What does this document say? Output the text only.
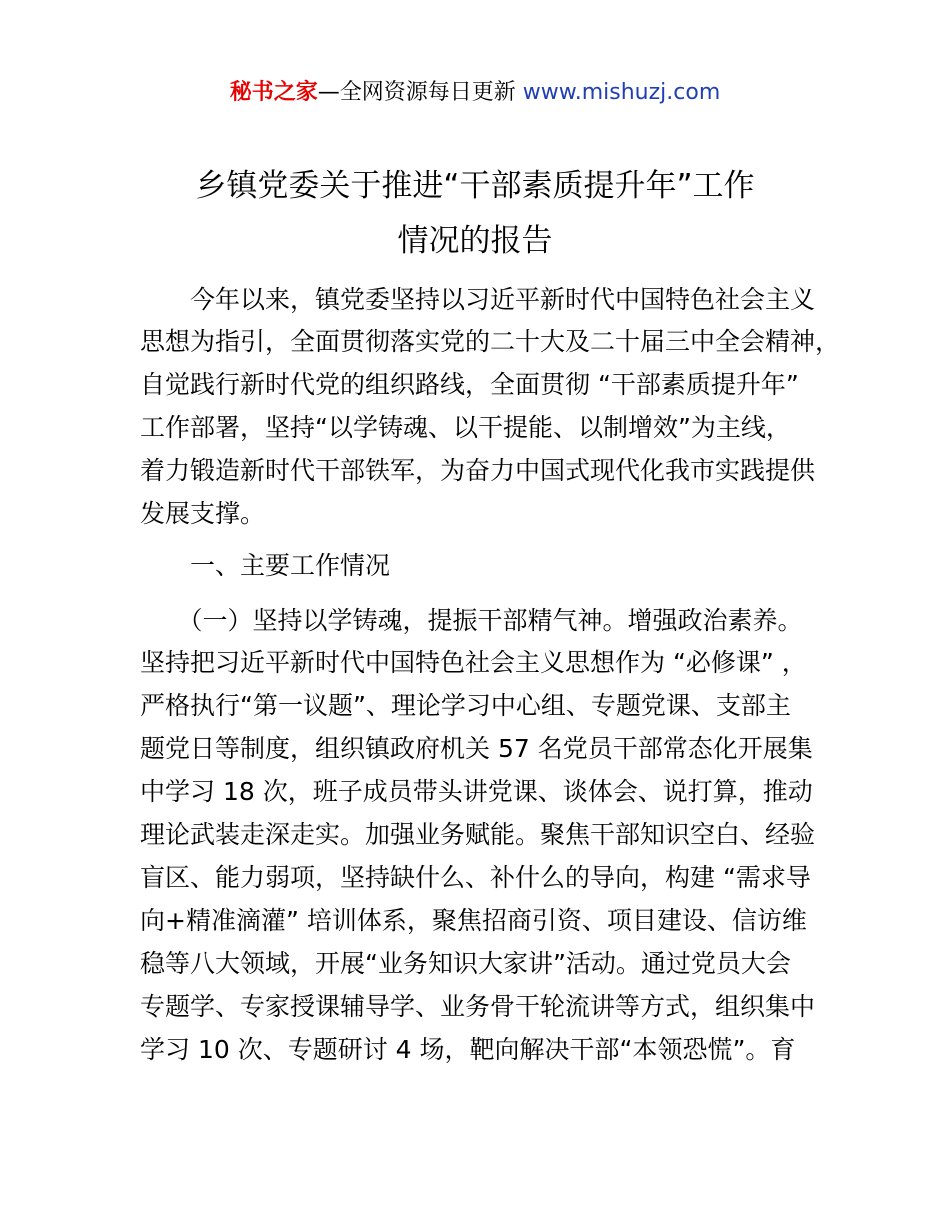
秘书之家—全网资源每日更新 www.mishuzj.com
乡镇党委关于推进“干部素质提升年”工作
情况的报告
　　今年以来，镇党委坚持以习近平新时代中国特色社会主义
思想为指引，全面贯彻落实党的二十大及二十届三中全会精神，
自觉践行新时代党的组织路线，全面贯彻 “干部素质提升年”
工作部署，坚持“以学铸魂、以干提能、以制增效”为主线，
着力锻造新时代干部铁军，为奋力中国式现代化我市实践提供
发展支撑。
　　一、主要工作情况
　　（一）坚持以学铸魂，提振干部精气神。增强政治素养。
坚持把习近平新时代中国特色社会主义思想作为 “必修课” ，
严格执行“第一议题”、理论学习中心组、专题党课、支部主
题党日等制度，组织镇政府机关 57 名党员干部常态化开展集
中学习 18 次，班子成员带头讲党课、谈体会、说打算，推动
理论武装走深走实。加强业务赋能。聚焦干部知识空白、经验
盲区、能力弱项，坚持缺什么、补什么的导向，构建 “需求导
向+精准滴灌” 培训体系，聚焦招商引资、项目建设、信访维
稳等八大领域，开展“业务知识大家讲”活动。通过党员大会
专题学、专家授课辅导学、业务骨干轮流讲等方式，组织集中
学习 10 次、专题研讨 4 场，靶向解决干部“本领恐慌”。育
